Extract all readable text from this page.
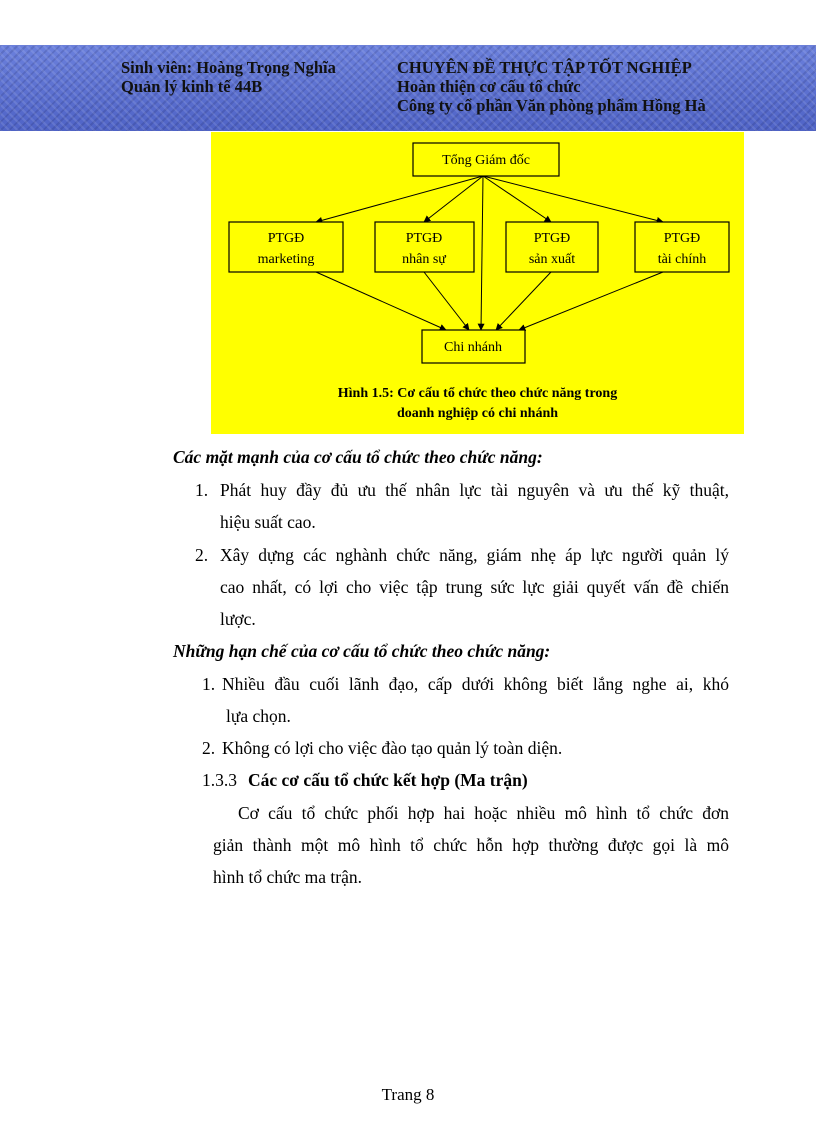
Sinh viên: Hoàng Trọng Nghĩa
Quản lý kinh tế 44B
CHUYÊN ĐỀ THỰC TẬP TỐT NGHIỆP
Hoàn thiện cơ cấu tổ chức
Công ty cổ phần Văn phòng phẩm Hồng Hà
Tổng Giám đốc
PTGĐ
marketing
PTGĐ
nhân sự
PTGĐ
sản xuất
PTGĐ
tài chính
Chi nhánh
Hình 1.5: Cơ cấu tổ chức theo chức năng trong
doanh nghiệp có chi nhánh
Các mặt mạnh của cơ cấu tổ chức theo chức năng:
1. Phát huy đầy đủ ưu thế nhân lực tài nguyên và ưu thế kỹ thuật,
hiệu suất cao.
2. Xây dựng các nghành chức năng, giám nhẹ áp lực người quản lý
cao nhất, có lợi cho việc tập trung sức lực giải quyết vấn đề chiến
lược.
Những hạn chế của cơ cấu tổ chức theo chức năng:
1. Nhiều đầu cuối lãnh đạo, cấp dưới không biết lắng nghe ai, khó
lựa chọn.
2. Không có lợi cho việc đào tạo quản lý toàn diện.
1.3.3 Các cơ cấu tổ chức kết hợp (Ma trận)
Cơ cấu tổ chức phối hợp hai hoặc nhiều mô hình tổ chức đơn
giản thành một mô hình tổ chức hỗn hợp thường được gọi là mô
hình tổ chức ma trận.
Trang 8
